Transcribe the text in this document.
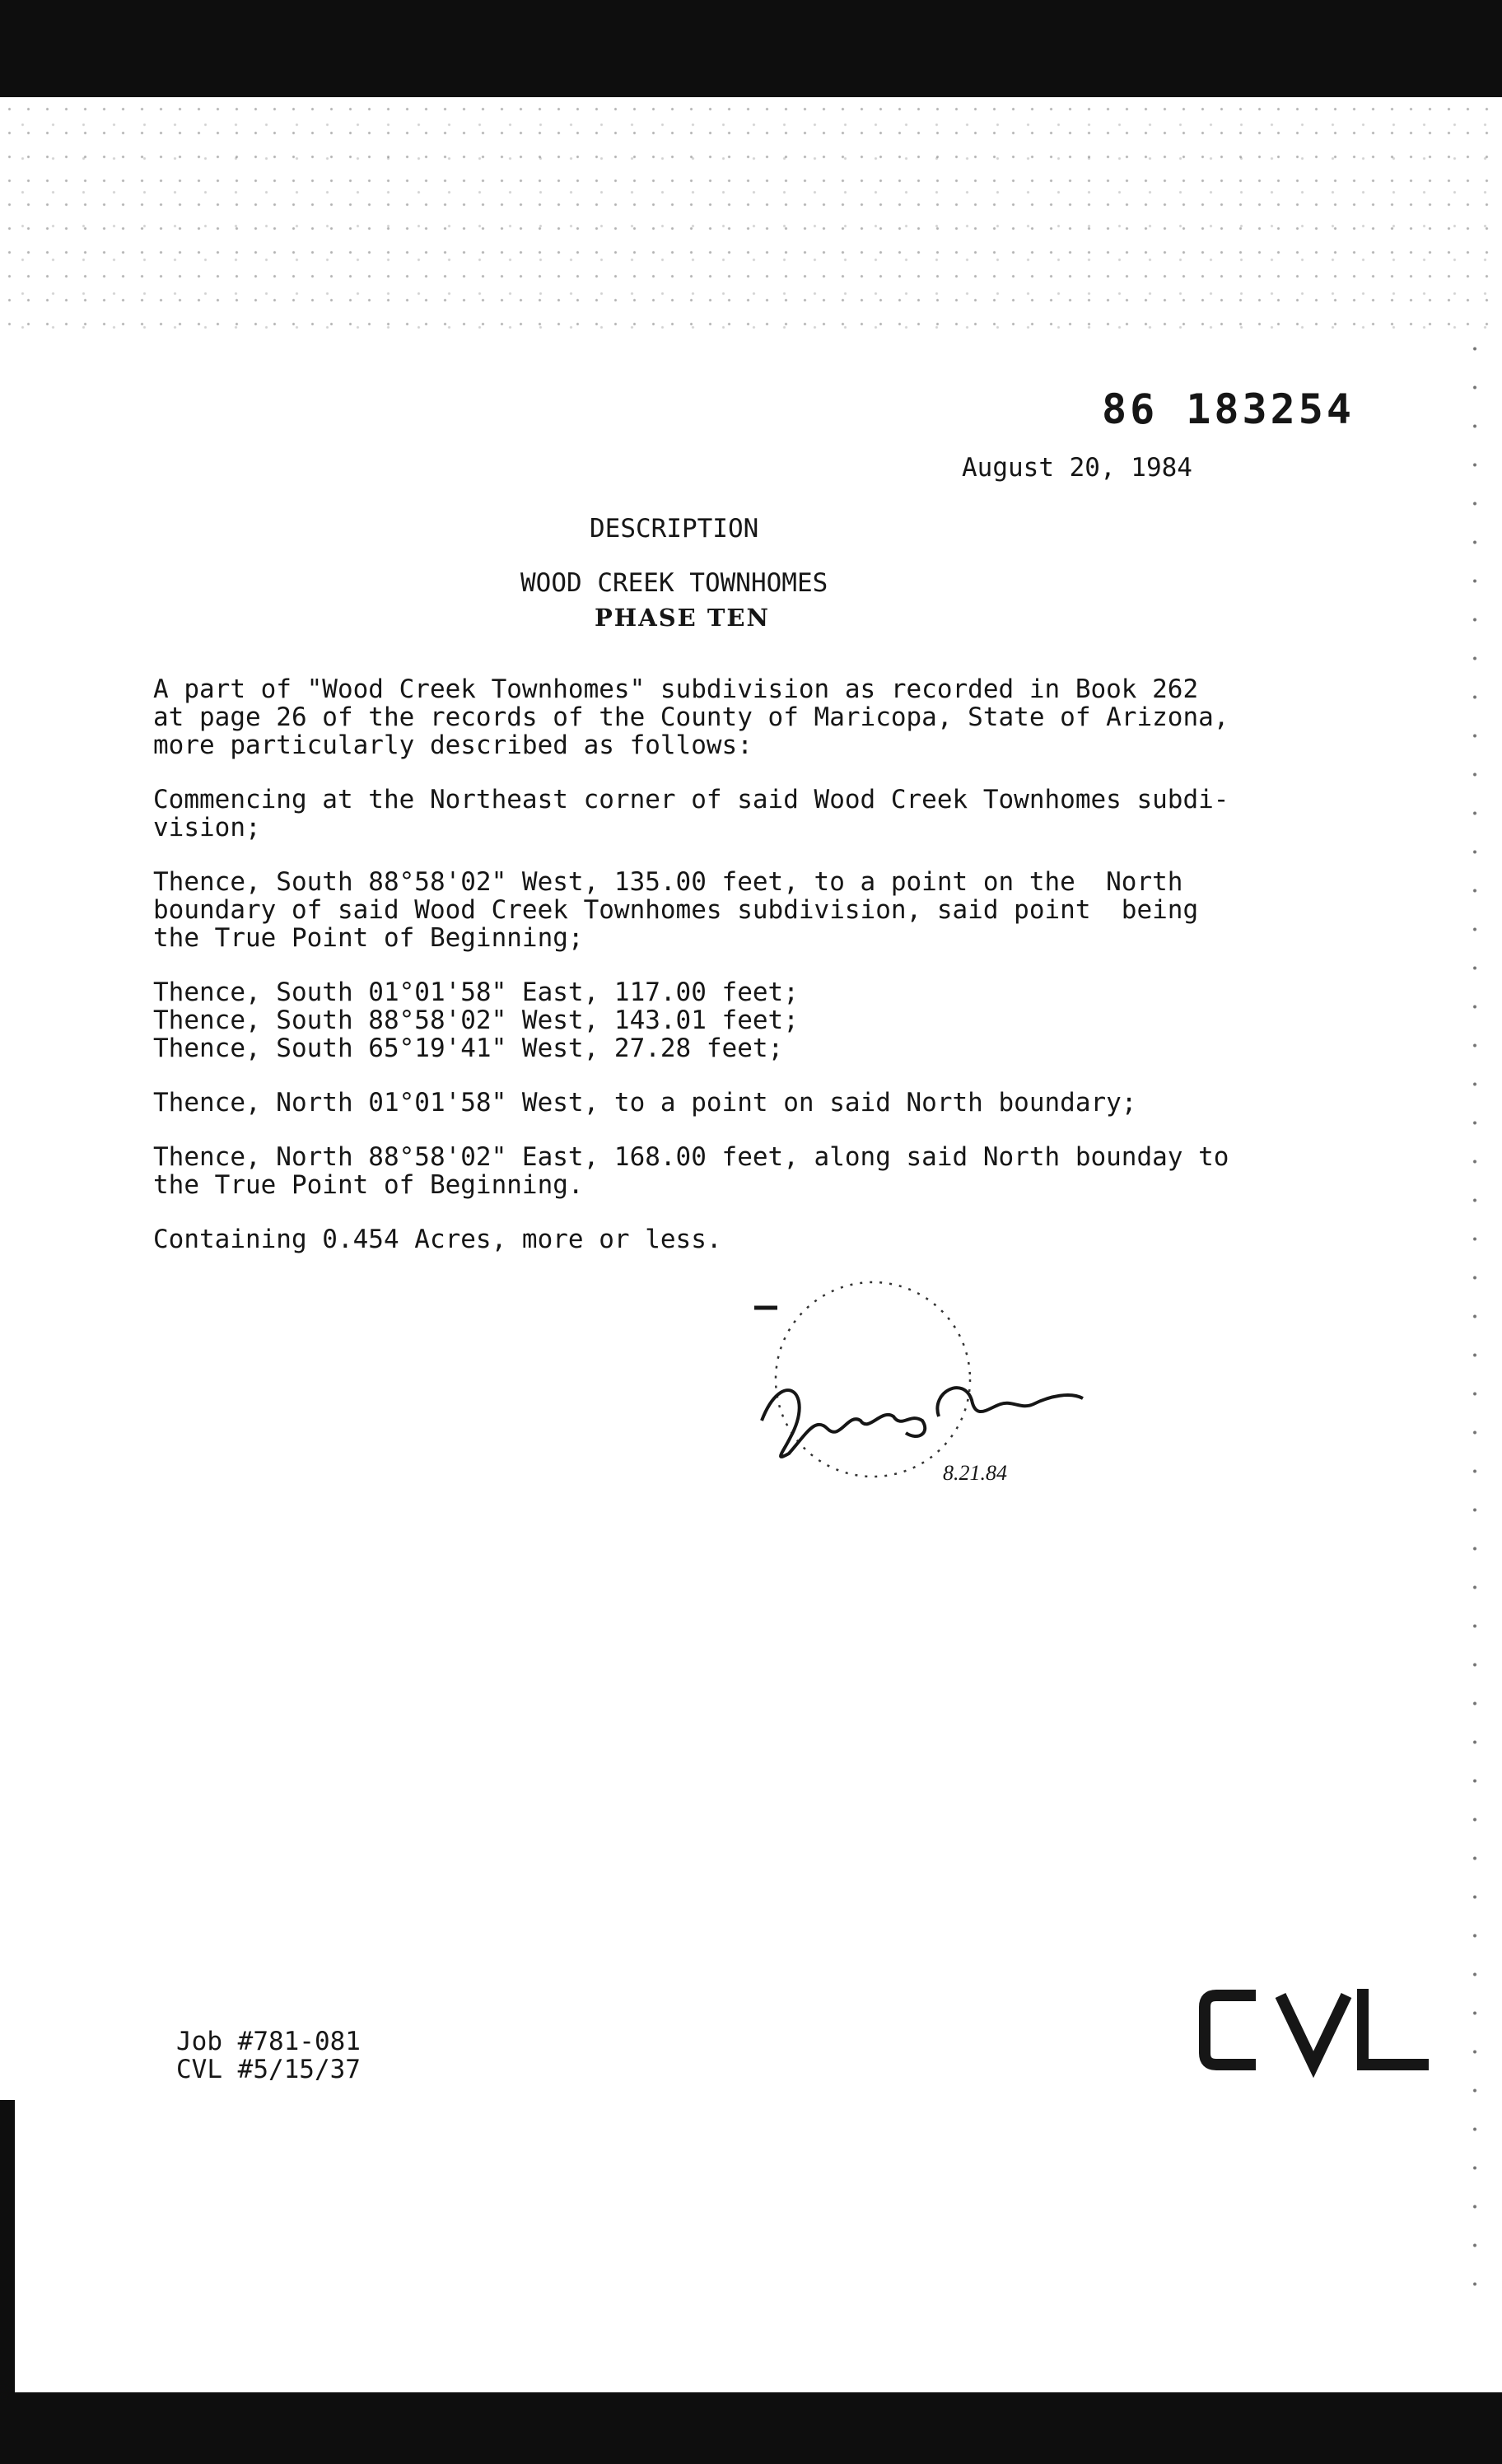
86 183254

August 20, 1984

DESCRIPTION

WOOD CREEK TOWNHOMES

PHASE TEN

A part of "Wood Creek Townhomes" subdivision as recorded in Book 262
at page 26 of the records of the County of Maricopa, State of Arizona,
more particularly described as follows:

Commencing at the Northeast corner of said Wood Creek Townhomes subdi-
vision;

Thence, South 88°58'02" West, 135.00 feet, to a point on the  North
boundary of said Wood Creek Townhomes subdivision, said point  being
the True Point of Beginning;

Thence, South 01°01'58" East, 117.00 feet;
Thence, South 88°58'02" West, 143.01 feet;
Thence, South 65°19'41" West, 27.28 feet;

Thence, North 01°01'58" West, to a point on said North boundary;

Thence, North 88°58'02" East, 168.00 feet, along said North bounday to
the True Point of Beginning.

Containing 0.454 Acres, more or less.

8.21.84

Job #781-081

CVL #5/15/37

CVL
